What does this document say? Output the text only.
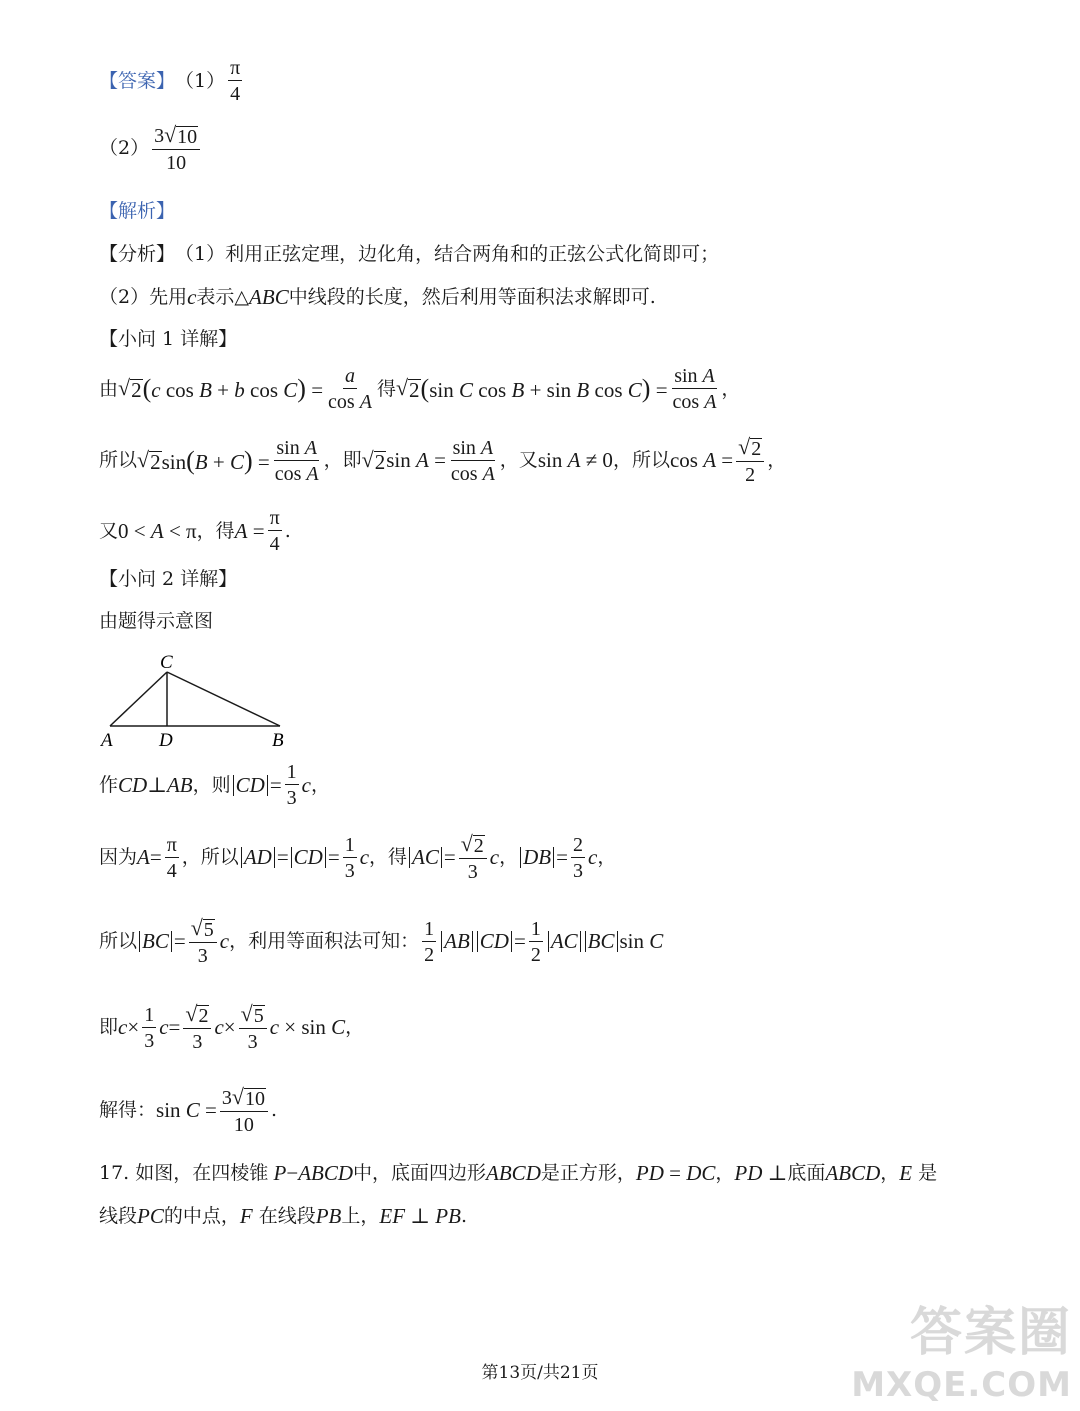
【答案】 $(1) \frac{\pi}{4}$
$(2) \frac{3 √ 10}{10}$
【解析】
【分析】 （1）利用正弦定理，边化角，结合两角和的正弦公式化简即可；
（2）先用 c 表示△ ABC 中线段的长度，然后利用等面积法求解即可.
【小问 1 详解】
由 √ 2 (c cos B + b $\cos C) = \frac{a}{\text{cos A}}$ 得 √ 2 (sin C cos B + sin B $\cos C) = \frac{\text{sin A}}{\text{cos A}}$ ，
所以 √ 2 $\sin(B + C) = \frac{\text{sin A}}{\text{cos A}}$ ，即 √ 2 $\sin A = \frac{\text{sin A}}{\text{cos A}}$ ，又 sin A ≠ 0 ，所以 $\cos A = \frac{√ 2}{2}$ ，
又 0 < A < π ，得 $A = \frac{\pi}{4}$ .
【小问 2 详解】
由题得示意图
C
A D	B
作 CD ⊥ AB ，则 CD = $\frac{1}{3}$ c ，
因为 $A = \frac{\pi}{4}$ ，所以 AD = CD = $\frac{1}{3}$ c ，得 AC = $\frac{√ 2}{3}$ c ， DB = $\frac{2}{3}$ c ，
所以 BC = $\frac{√ 5}{3}$ c ，利用等面积法可知： $\frac{1}{2}$ AB CD = $\frac{1}{2}$ AC BC sin C
即 $c \times \frac{1}{3}$ $c = \frac{√ 2}{3}$ $c \times \frac{√ 5}{3}$ c × sin C ，
解得： $\sin C = \frac{3 √ 10}{10}$ .
17. 如图，在四棱锥 P − ABCD 中，底面四边形 ABCD 是正方形， PD = DC ， PD ⊥ 底面 ABCD ， E 是
线段 PC 的中点， F 在线段 PB 上， EF ⊥ PB .
第13页/共21页
答案圈
MXQE.COM
